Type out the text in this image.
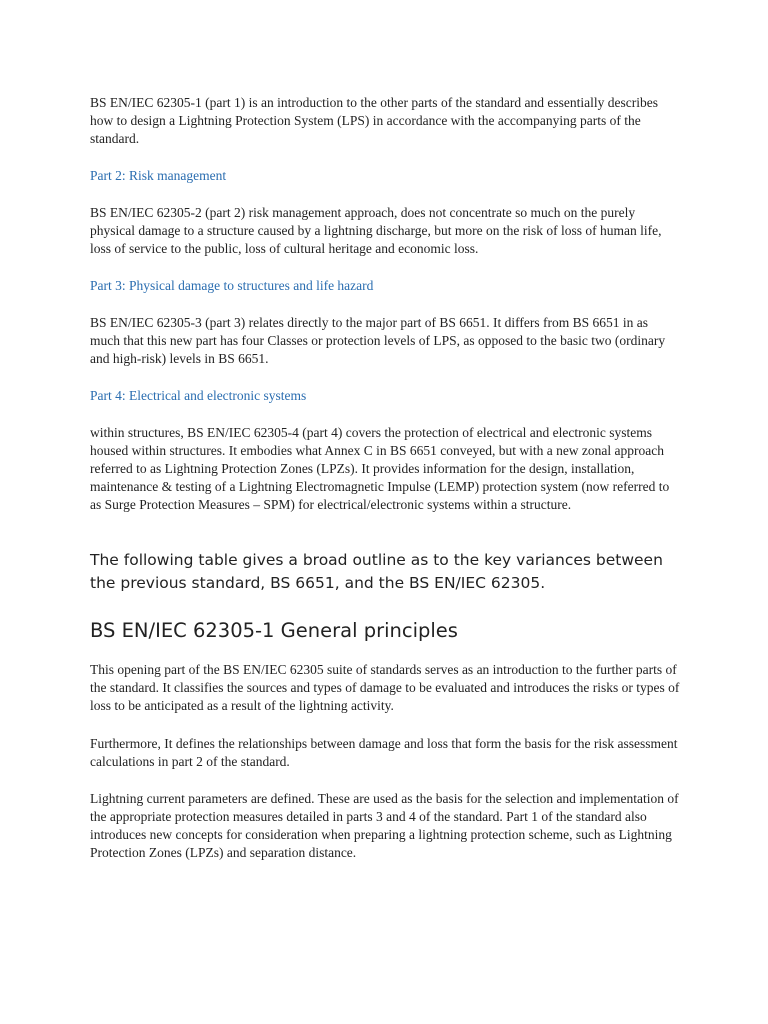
BS EN/IEC 62305-1 (part 1) is an introduction to the other parts of the standard and essentially describes how to design a Lightning Protection System (LPS) in accordance with the accompanying parts of the standard.

Part 2: Risk management

BS EN/IEC 62305-2 (part 2) risk management approach, does not concentrate so much on the purely physical damage to a structure caused by a lightning discharge, but more on the risk of loss of human life, loss of service to the public, loss of cultural heritage and economic loss.

Part 3: Physical damage to structures and life hazard

BS EN/IEC 62305-3 (part 3) relates directly to the major part of BS 6651. It differs from BS 6651 in as much that this new part has four Classes or protection levels of LPS, as opposed to the basic two (ordinary and high-risk) levels in BS 6651.

Part 4: Electrical and electronic systems

within structures, BS EN/IEC 62305-4 (part 4) covers the protection of electrical and electronic systems housed within structures. It embodies what Annex C in BS 6651 conveyed, but with a new zonal approach referred to as Lightning Protection Zones (LPZs). It provides information for the design, installation, maintenance & testing of a Lightning Electromagnetic Impulse (LEMP) protection system (now referred to as Surge Protection Measures – SPM) for electrical/electronic systems within a structure.

The following table gives a broad outline as to the key variances between the previous standard, BS 6651, and the BS EN/IEC 62305.

BS EN/IEC 62305-1 General principles

This opening part of the BS EN/IEC 62305 suite of standards serves as an introduction to the further parts of the standard. It classifies the sources and types of damage to be evaluated and introduces the risks or types of loss to be anticipated as a result of the lightning activity.

Furthermore, It defines the relationships between damage and loss that form the basis for the risk assessment calculations in part 2 of the standard.

Lightning current parameters are defined. These are used as the basis for the selection and implementation of the appropriate protection measures detailed in parts 3 and 4 of the standard. Part 1 of the standard also introduces new concepts for consideration when preparing a lightning protection scheme, such as Lightning Protection Zones (LPZs) and separation distance.
